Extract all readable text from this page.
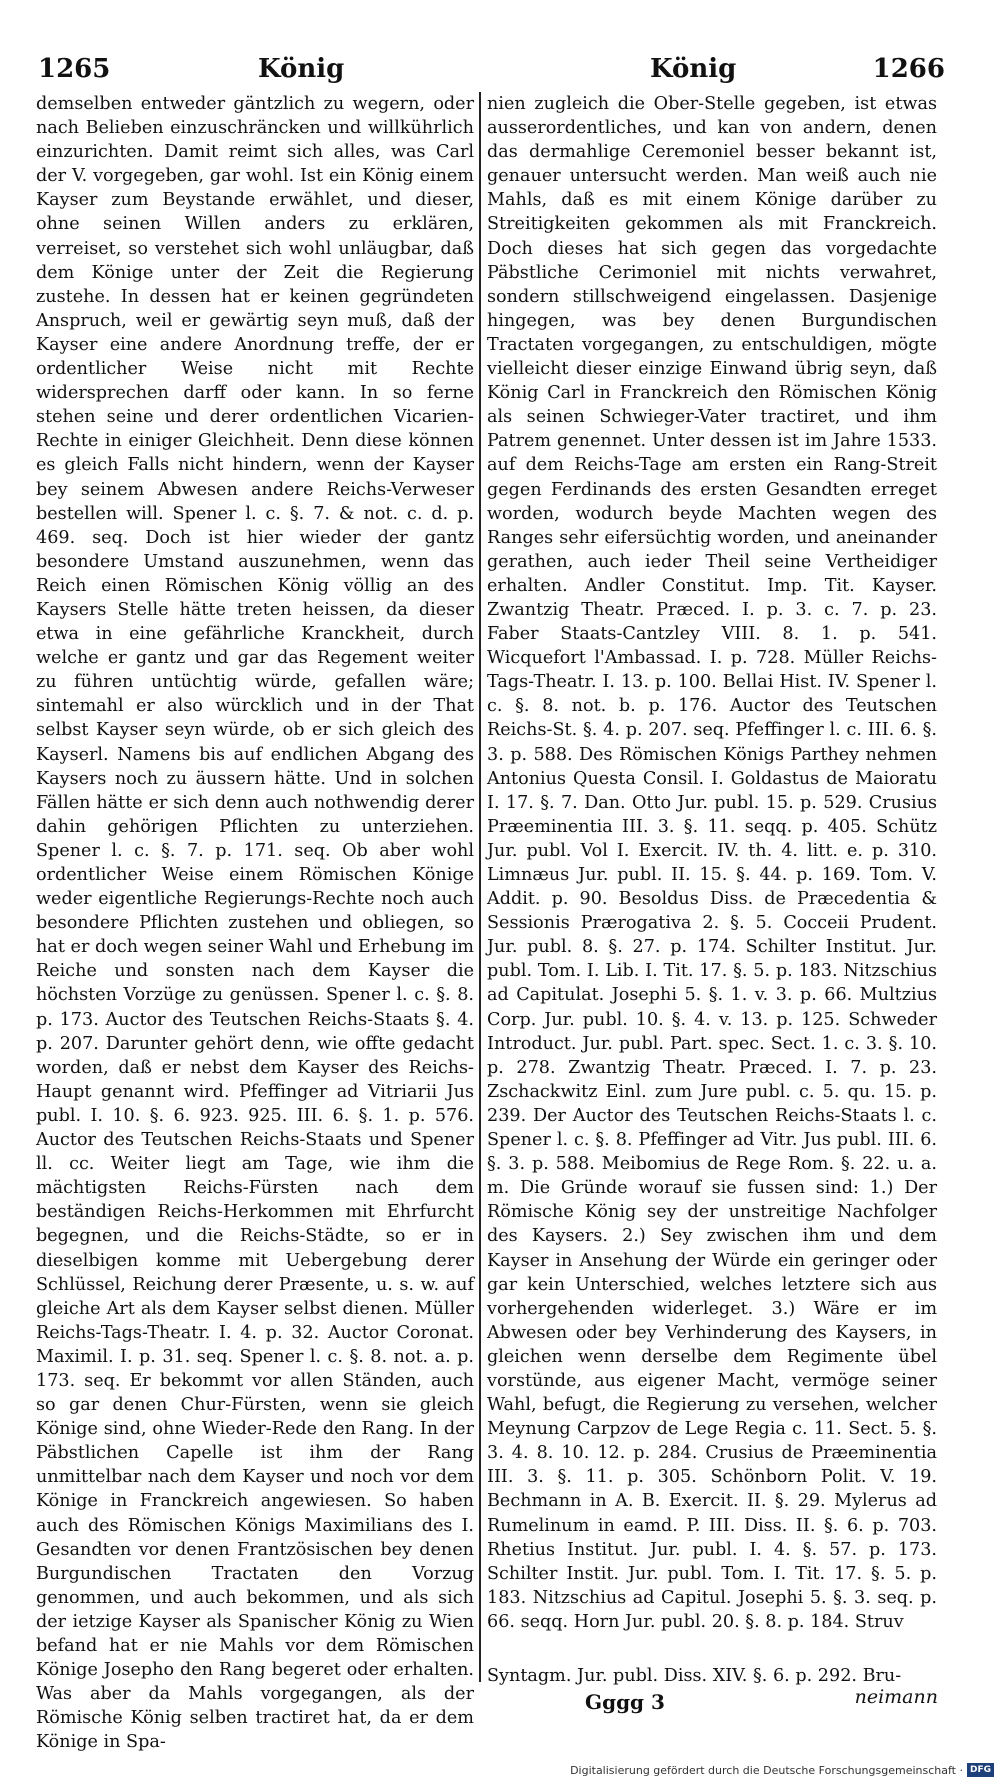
1265	König	König	1266

demselben entweder gäntzlich zu wegern, oder nach Belieben einzuschräncken und willkührlich einzurichten. Damit reimt sich alles, was Carl der V. vorgegeben, gar wohl. Ist ein König einem Kayser zum Beystande erwählet, und dieser, ohne seinen Willen anders zu erklären, verreiset, so verstehet sich wohl unläugbar, daß dem Könige unter der Zeit die Regierung zustehe. In dessen hat er keinen gegründeten Anspruch, weil er gewärtig seyn muß, daß der Kayser eine andere Anordnung treffe, der er ordentlicher Weise nicht mit Rechte widersprechen darff oder kann. In so ferne stehen seine und derer ordentlichen Vicarien-Rechte in einiger Gleichheit. Denn diese können es gleich Falls nicht hindern, wenn der Kayser bey seinem Abwesen andere Reichs-Verweser bestellen will. Spener l. c. §. 7. & not. c. d. p. 469. seq. Doch ist hier wieder der gantz besondere Umstand auszunehmen, wenn das Reich einen Römischen König völlig an des Kaysers Stelle hätte treten heissen, da dieser etwa in eine gefährliche Kranckheit, durch welche er gantz und gar das Regement weiter zu führen untüchtig würde, gefallen wäre; sintemahl er also würcklich und in der That selbst Kayser seyn würde, ob er sich gleich des Kayserl. Namens bis auf endlichen Abgang des Kaysers noch zu äussern hätte. Und in solchen Fällen hätte er sich denn auch nothwendig derer dahin gehörigen Pflichten zu unterziehen. Spener l. c. §. 7. p. 171. seq. Ob aber wohl ordentlicher Weise einem Römischen Könige weder eigentliche Regierungs-Rechte noch auch besondere Pflichten zustehen und obliegen, so hat er doch wegen seiner Wahl und Erhebung im Reiche und sonsten nach dem Kayser die höchsten Vorzüge zu genüssen. Spener l. c. §. 8. p. 173. Auctor des Teutschen Reichs-Staats §. 4. p. 207. Darunter gehört denn, wie offte gedacht worden, daß er nebst dem Kayser des Reichs-Haupt genannt wird. Pfeffinger ad Vitriarii Jus publ. I. 10. §. 6. 923. 925. III. 6. §. 1. p. 576. Auctor des Teutschen Reichs-Staats und Spener ll. cc. Weiter liegt am Tage, wie ihm die mächtigsten Reichs-Fürsten nach dem beständigen Reichs-Herkommen mit Ehrfurcht begegnen, und die Reichs-Städte, so er in dieselbigen komme mit Uebergebung derer Schlüssel, Reichung derer Præsente, u. s. w. auf gleiche Art als dem Kayser selbst dienen. Müller Reichs-Tags-Theatr. I. 4. p. 32. Auctor Coronat. Maximil. I. p. 31. seq. Spener l. c. §. 8. not. a. p. 173. seq. Er bekommt vor allen Ständen, auch so gar denen Chur-Fürsten, wenn sie gleich Könige sind, ohne Wieder-Rede den Rang. In der Päbstlichen Capelle ist ihm der Rang unmittelbar nach dem Kayser und noch vor dem Könige in Franckreich angewiesen. So haben auch des Römischen Königs Maximilians des I. Gesandten vor denen Frantzösischen bey denen Burgundischen Tractaten den Vorzug genommen, und auch bekommen, und als sich der ietzige Kayser als Spanischer König zu Wien befand hat er nie Mahls vor dem Römischen Könige Josepho den Rang begeret oder erhalten. Was aber da Mahls vorgegangen, als der Römische König selben tractiret hat, da er dem Könige in Spa-

nien zugleich die Ober-Stelle gegeben, ist etwas ausserordentliches, und kan von andern, denen das dermahlige Ceremoniel besser bekannt ist, genauer untersucht werden. Man weiß auch nie Mahls, daß es mit einem Könige darüber zu Streitigkeiten gekommen als mit Franckreich. Doch dieses hat sich gegen das vorgedachte Päbstliche Cerimoniel mit nichts verwahret, sondern stillschweigend eingelassen. Dasjenige hingegen, was bey denen Burgundischen Tractaten vorgegangen, zu entschuldigen, mögte vielleicht dieser einzige Einwand übrig seyn, daß König Carl in Franckreich den Römischen König als seinen Schwieger-Vater tractiret, und ihm Patrem genennet. Unter dessen ist im Jahre 1533. auf dem Reichs-Tage am ersten ein Rang-Streit gegen Ferdinands des ersten Gesandten erreget worden, wodurch beyde Machten wegen des Ranges sehr eifersüchtig worden, und aneinander gerathen, auch ieder Theil seine Vertheidiger erhalten. Andler Constitut. Imp. Tit. Kayser. Zwantzig Theatr. Præced. I. p. 3. c. 7. p. 23. Faber Staats-Cantzley VIII. 8. 1. p. 541. Wicquefort l'Ambassad. I. p. 728. Müller Reichs-Tags-Theatr. I. 13. p. 100. Bellai Hist. IV. Spener l. c. §. 8. not. b. p. 176. Auctor des Teutschen Reichs-St. §. 4. p. 207. seq. Pfeffinger l. c. III. 6. §. 3. p. 588. Des Römischen Königs Parthey nehmen Antonius Questa Consil. I. Goldastus de Maioratu I. 17. §. 7. Dan. Otto Jur. publ. 15. p. 529. Crusius Præeminentia III. 3. §. 11. seqq. p. 405. Schütz Jur. publ. Vol I. Exercit. IV. th. 4. litt. e. p. 310. Limnæus Jur. publ. II. 15. §. 44. p. 169. Tom. V. Addit. p. 90. Besoldus Diss. de Præcedentia & Sessionis Prærogativa 2. §. 5. Cocceii Prudent. Jur. publ. 8. §. 27. p. 174. Schilter Institut. Jur. publ. Tom. I. Lib. I. Tit. 17. §. 5. p. 183. Nitzschius ad Capitulat. Josephi 5. §. 1. v. 3. p. 66. Multzius Corp. Jur. publ. 10. §. 4. v. 13. p. 125. Schweder Introduct. Jur. publ. Part. spec. Sect. 1. c. 3. §. 10. p. 278. Zwantzig Theatr. Præced. I. 7. p. 23. Zschackwitz Einl. zum Jure publ. c. 5. qu. 15. p. 239. Der Auctor des Teutschen Reichs-Staats l. c. Spener l. c. §. 8. Pfeffinger ad Vitr. Jus publ. III. 6. §. 3. p. 588. Meibomius de Rege Rom. §. 22. u. a. m. Die Gründe worauf sie fussen sind: 1.) Der Römische König sey der unstreitige Nachfolger des Kaysers. 2.) Sey zwischen ihm und dem Kayser in Ansehung der Würde ein geringer oder gar kein Unterschied, welches letztere sich aus vorhergehenden widerleget. 3.) Wäre er im Abwesen oder bey Verhinderung des Kaysers, in gleichen wenn derselbe dem Regimente übel vorstünde, aus eigener Macht, vermöge seiner Wahl, befugt, die Regierung zu versehen, welcher Meynung Carpzov de Lege Regia c. 11. Sect. 5. §. 3. 4. 8. 10. 12. p. 284. Crusius de Præeminentia III. 3. §. 11. p. 305. Schönborn Polit. V. 19. Bechmann in A. B. Exercit. II. §. 29. Mylerus ad Rumelinum in eamd. P. III. Diss. II. §. 6. p. 703. Rhetius Institut. Jur. publ. I. 4. §. 57. p. 173. Schilter Instit. Jur. publ. Tom. I. Tit. 17. §. 5. p. 183. Nitzschius ad Capitul. Josephi 5. §. 3. seq. p. 66. seqq. Horn Jur. publ. 20. §. 8. p. 184. Struv

Syntagm. Jur. publ. Diss. XIV. §. 6. p. 292. Bru-
Gggg 3	neimann
Digitalisierung gefördert durch die Deutsche Forschungsgemeinschaft · DFG
